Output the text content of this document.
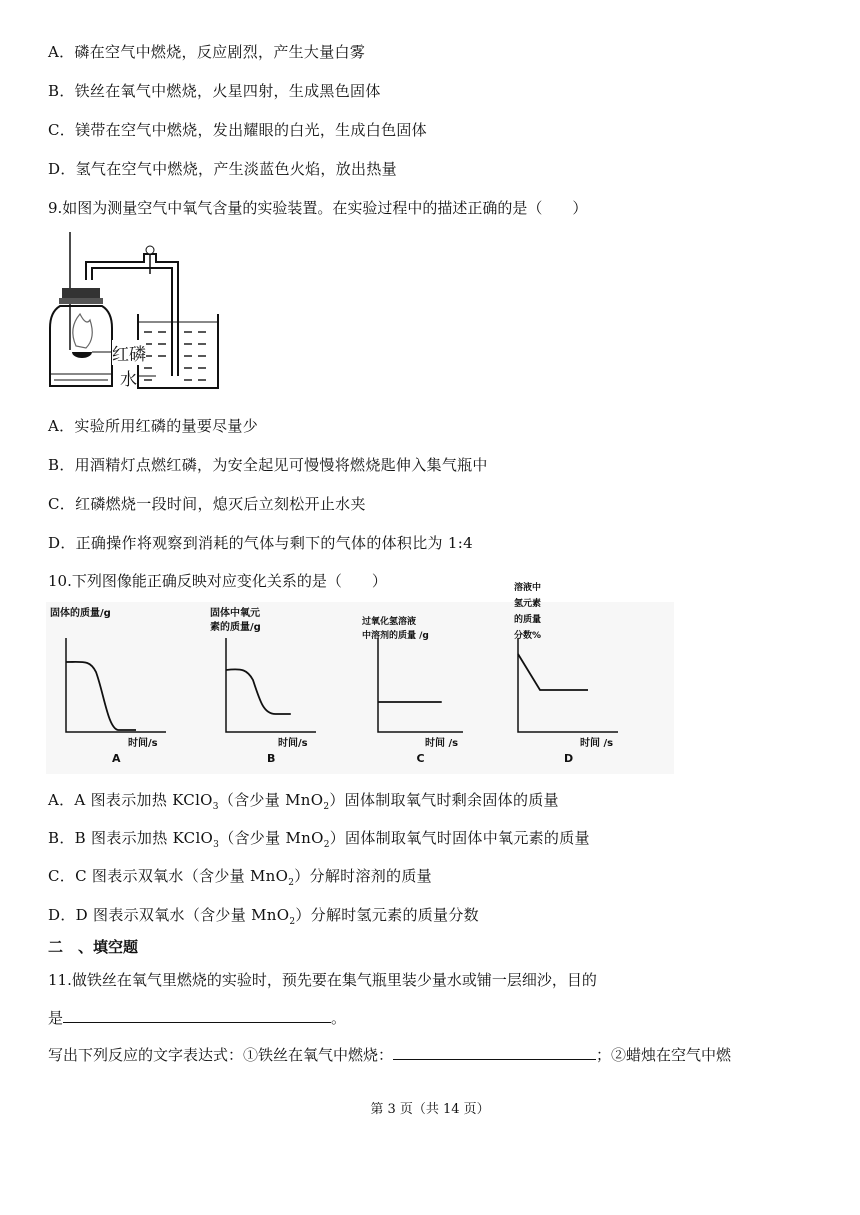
A．磷在空气中燃烧，反应剧烈，产生大量白雾
B．铁丝在氧气中燃烧，火星四射，生成黑色固体
C．镁带在空气中燃烧，发出耀眼的白光，生成白色固体
D．氢气在空气中燃烧，产生淡蓝色火焰，放出热量
9.如图为测量空气中氧气含量的实验装置。在实验过程中的描述正确的是（　　）
红磷
水
A．实验所用红磷的量要尽量少
B．用酒精灯点燃红磷，为安全起见可慢慢将燃烧匙伸入集气瓶中
C．红磷燃烧一段时间，熄灭后立刻松开止水夹
D．正确操作将观察到消耗的气体与剩下的气体的体积比为 1:4
10.下列图像能正确反映对应变化关系的是（　　）
固体的质量/g
时间/s
A
固体中氧元
素的质量/g
时间/s
B
过氧化氢溶液
中溶剂的质量 /g
时间 /s
C
溶液中
氢元素
的质量
分数%
时间 /s
D
A．A 图表示加热 KClO$_3$（含少量 MnO$_2$）固体制取氧气时剩余固体的质量
B．B 图表示加热 KClO$_3$（含少量 MnO$_2$）固体制取氧气时固体中氧元素的质量
C．C 图表示双氧水（含少量 MnO$_2$）分解时溶剂的质量
D．D 图表示双氧水（含少量 MnO$_2$）分解时氢元素的质量分数
二　、填空题
11.做铁丝在氧气里燃烧的实验时，预先要在集气瓶里装少量水或铺一层细沙，目的
是	。
写出下列反应的文字表达式：①铁丝在氧气中燃烧：	；②蜡烛在空气中燃
第 3 页（共 14 页）
